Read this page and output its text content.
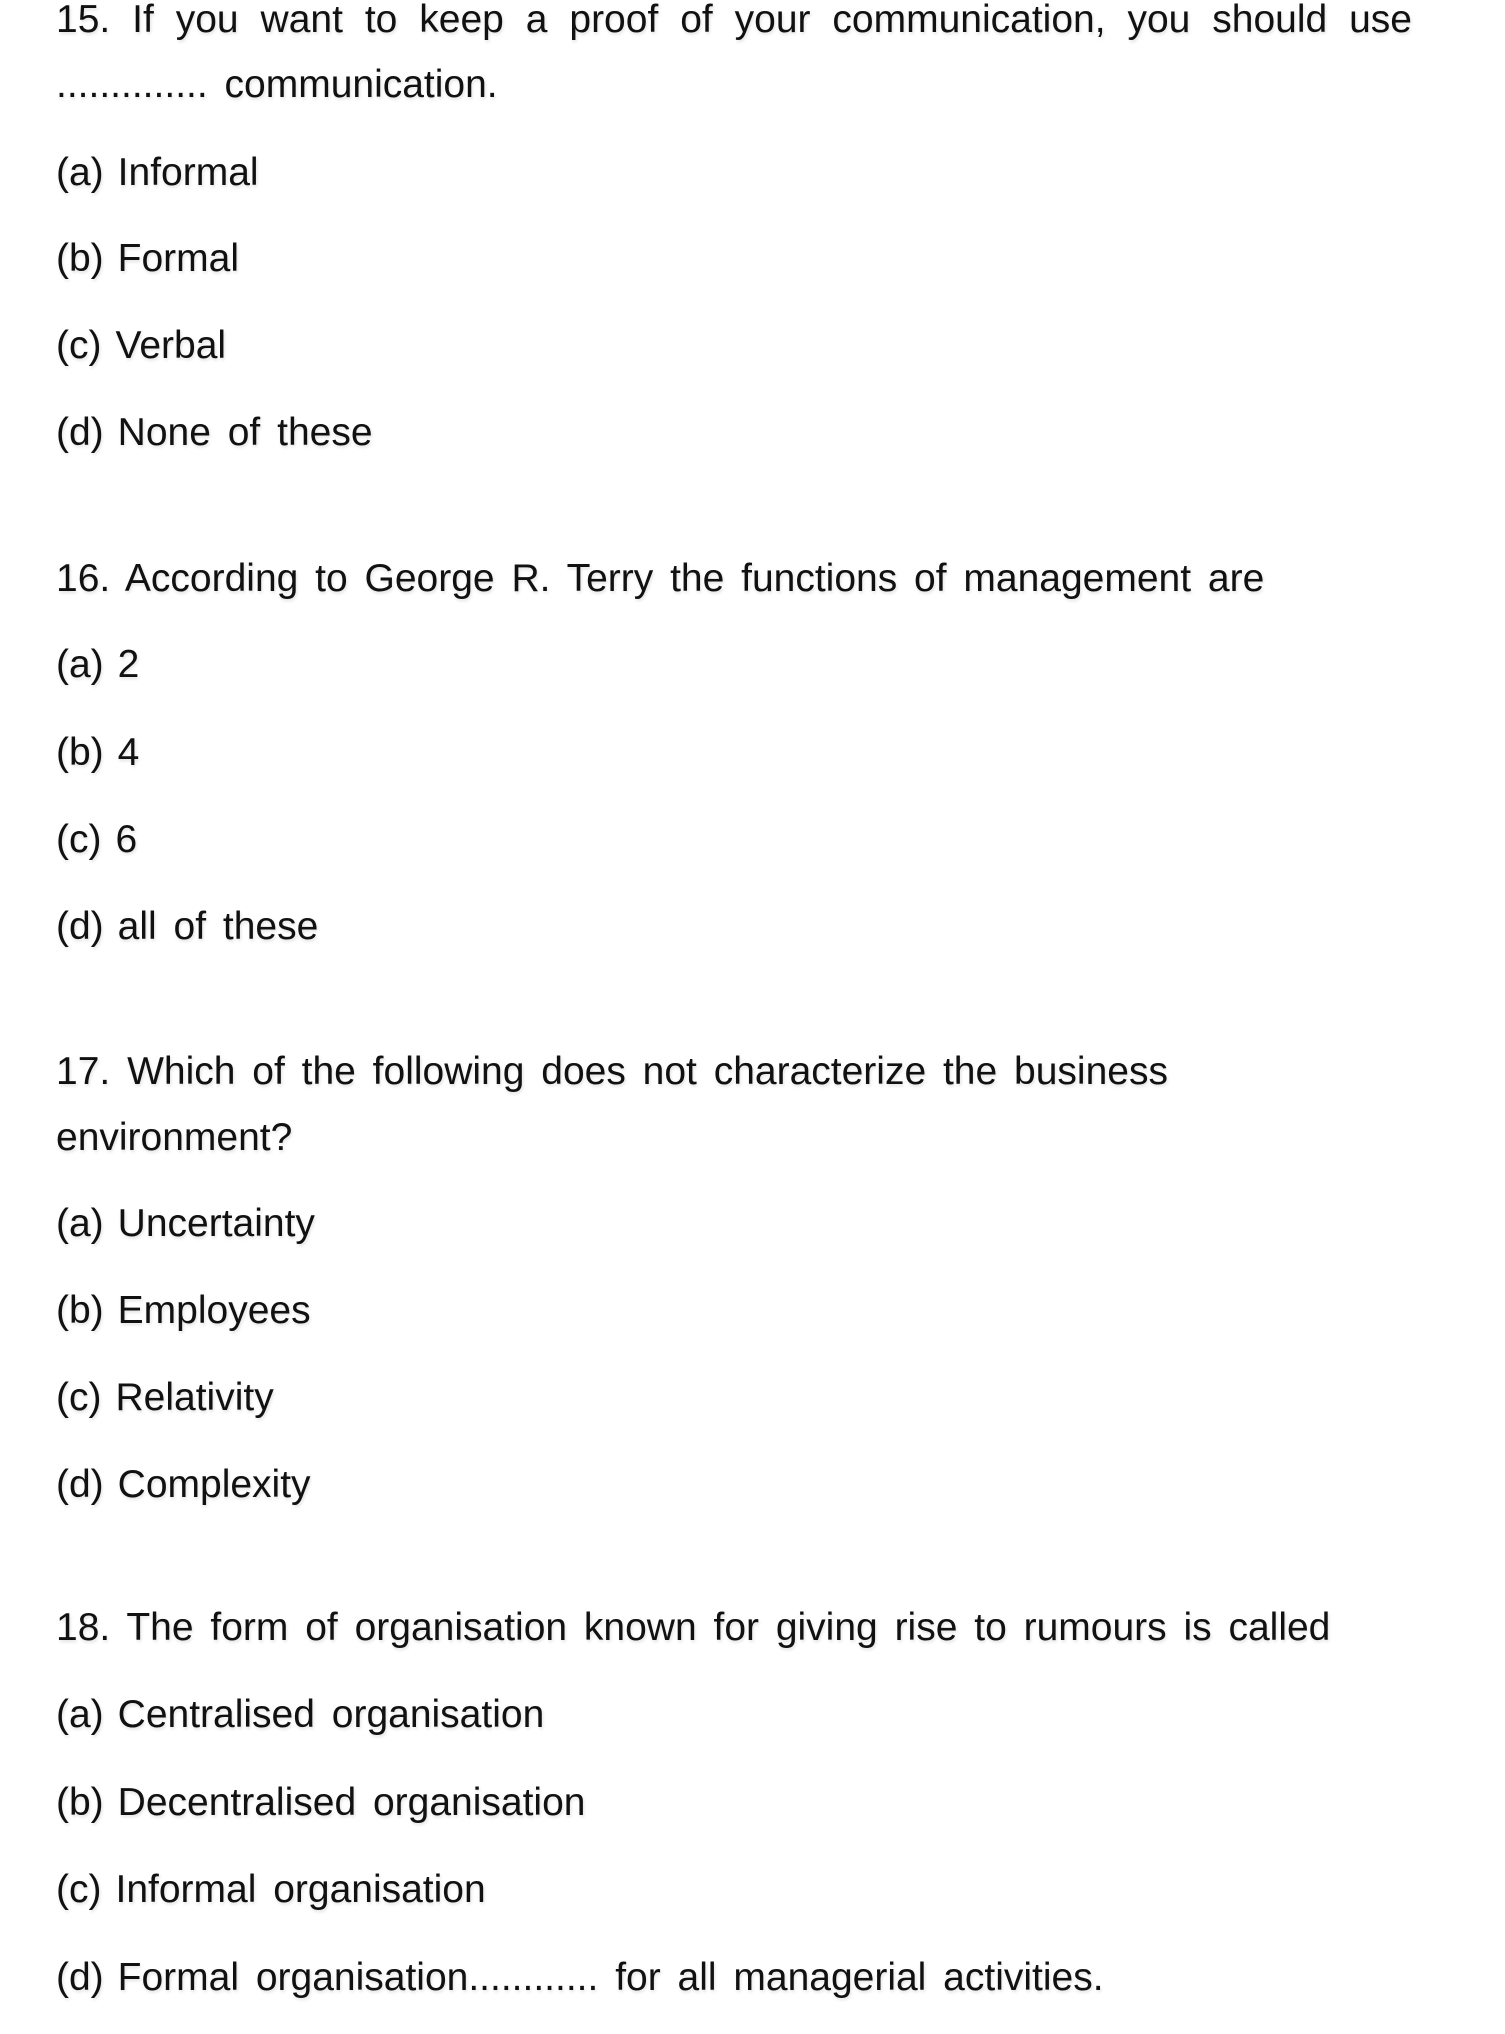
15. If you want to keep a proof of your communication, you should use
.............. communication.
(a) Informal
(b) Formal
(c) Verbal
(d) None of these
16. According to George R. Terry the functions of management are
(a) 2
(b) 4
(c) 6
(d) all of these
17. Which of the following does not characterize the business
environment?
(a) Uncertainty
(b) Employees
(c) Relativity
(d) Complexity
18. The form of organisation known for giving rise to rumours is called
(a) Centralised organisation
(b) Decentralised organisation
(c) Informal organisation
(d) Formal organisation............ for all managerial activities.
